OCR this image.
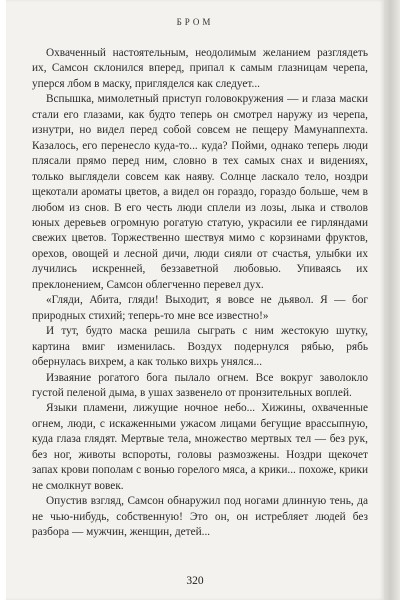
БРОМ

Охваченный настоятельным, неодолимым желанием разглядеть их, Самсон склонился вперед, припал к самым глазницам черепа, уперся лбом в маску, пригляделся как следует...

Вспышка, мимолетный приступ головокружения — и глаза маски стали его глазами, как будто теперь он смотрел наружу из черепа, изнутри, но видел перед собой совсем не пещеру Мамунаппехта. Казалось, его перенесло куда-то... куда? Пойми, однако теперь люди плясали прямо перед ним, словно в тех самых снах и видениях, только выглядели совсем как наяву. Солнце ласкало тело, ноздри щекотали ароматы цветов, а видел он гораздо, гораздо больше, чем в любом из снов. В его честь люди сплели из лозы, лыка и стволов юных деревьев огромную рогатую статую, украсили ее гирляндами свежих цветов. Торжественно шествуя мимо с корзинами фруктов, орехов, овощей и лесной дичи, люди сияли от счастья, улыбки их лучились искренней, беззаветной любовью. Упиваясь их преклонением, Самсон облегченно перевел дух.

«Гляди, Абита, гляди! Выходит, я вовсе не дьявол. Я — бог природных стихий; теперь-то мне все известно!»

И тут, будто маска решила сыграть с ним жестокую шутку, картина вмиг изменилась. Воздух подернулся рябью, рябь обернулась вихрем, а как только вихрь унялся...

Изваяние рогатого бога пылало огнем. Все вокруг заволокло густой пеленой дыма, в ушах зазвенело от пронзительных воплей.

Языки пламени, лижущие ночное небо... Хижины, охваченные огнем, люди, с искаженными ужасом лицами бегущие врассыпную, куда глаза глядят. Мертвые тела, множество мертвых тел — без рук, без ног, животы вспороты, головы размозжены. Ноздри щекочет запах крови пополам с вонью горелого мяса, а крики... похоже, крики не смолкнут вовек.

Опустив взгляд, Самсон обнаружил под ногами длинную тень, да не чью-нибудь, собственную! Это он, он истребляет людей без разбора — мужчин, женщин, детей...

320
